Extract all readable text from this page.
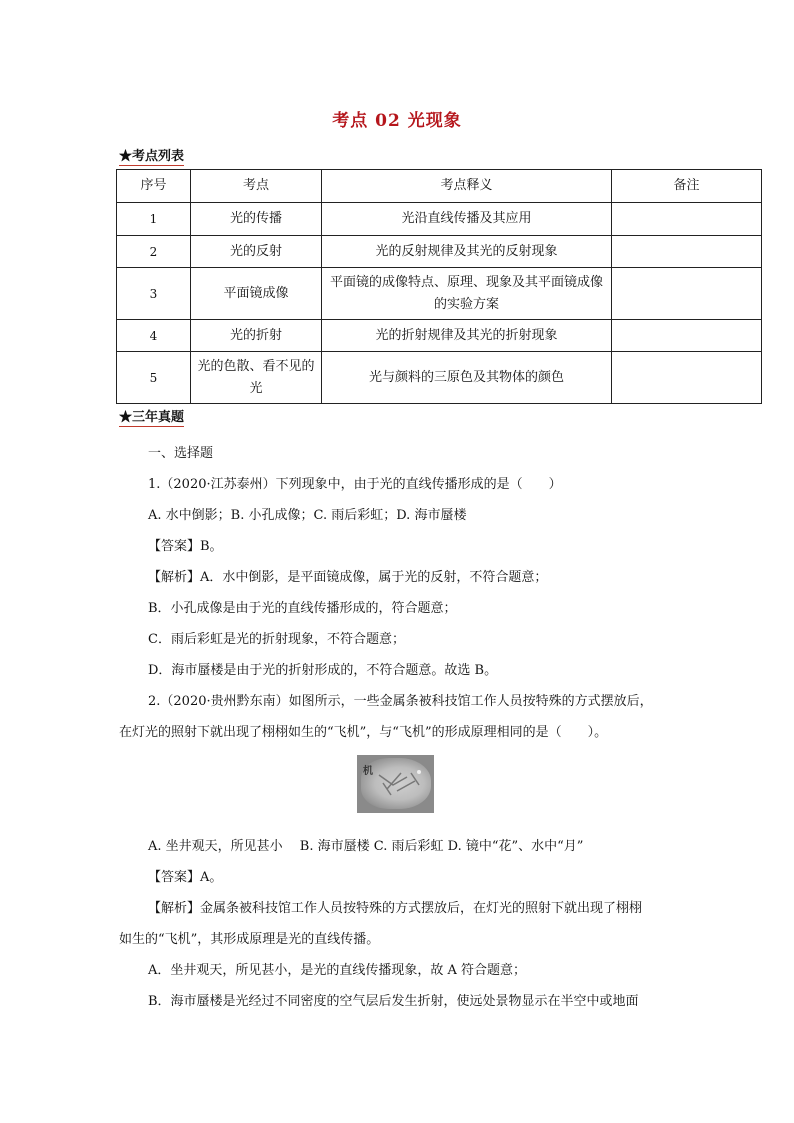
考点 02 光现象
★考点列表
序号	考点	考点释义	备注
1	光的传播	光沿直线传播及其应用	
2	光的反射	光的反射规律及其光的反射现象	
3	平面镜成像	平面镜的成像特点、原理、现象及其平面镜成像的实验方案	
4	光的折射	光的折射规律及其光的折射现象	
5	光的色散、看不见的光	光与颜料的三原色及其物体的颜色	
★三年真题
一、选择题
1.（2020·江苏泰州）下列现象中，由于光的直线传播形成的是（　　）
A. 水中倒影；B. 小孔成像；C. 雨后彩虹；D. 海市蜃楼
【答案】B。
【解析】A．水中倒影，是平面镜成像，属于光的反射，不符合题意；
B．小孔成像是由于光的直线传播形成的，符合题意；
C．雨后彩虹是光的折射现象，不符合题意；
D．海市蜃楼是由于光的折射形成的，不符合题意。故选 B。
2.（2020·贵州黔东南）如图所示，一些金属条被科技馆工作人员按特殊的方式摆放后，
在灯光的照射下就出现了栩栩如生的“飞机”，与“飞机”的形成原理相同的是（　　）。
机
A. 坐井观天，所见甚小　 B. 海市蜃楼 C. 雨后彩虹 D. 镜中“花”、水中“月”
【答案】A。
【解析】金属条被科技馆工作人员按特殊的方式摆放后，在灯光的照射下就出现了栩栩
如生的“飞机”，其形成原理是光的直线传播。
A．坐井观天，所见甚小，是光的直线传播现象，故 A 符合题意；
B．海市蜃楼是光经过不同密度的空气层后发生折射，使远处景物显示在半空中或地面
